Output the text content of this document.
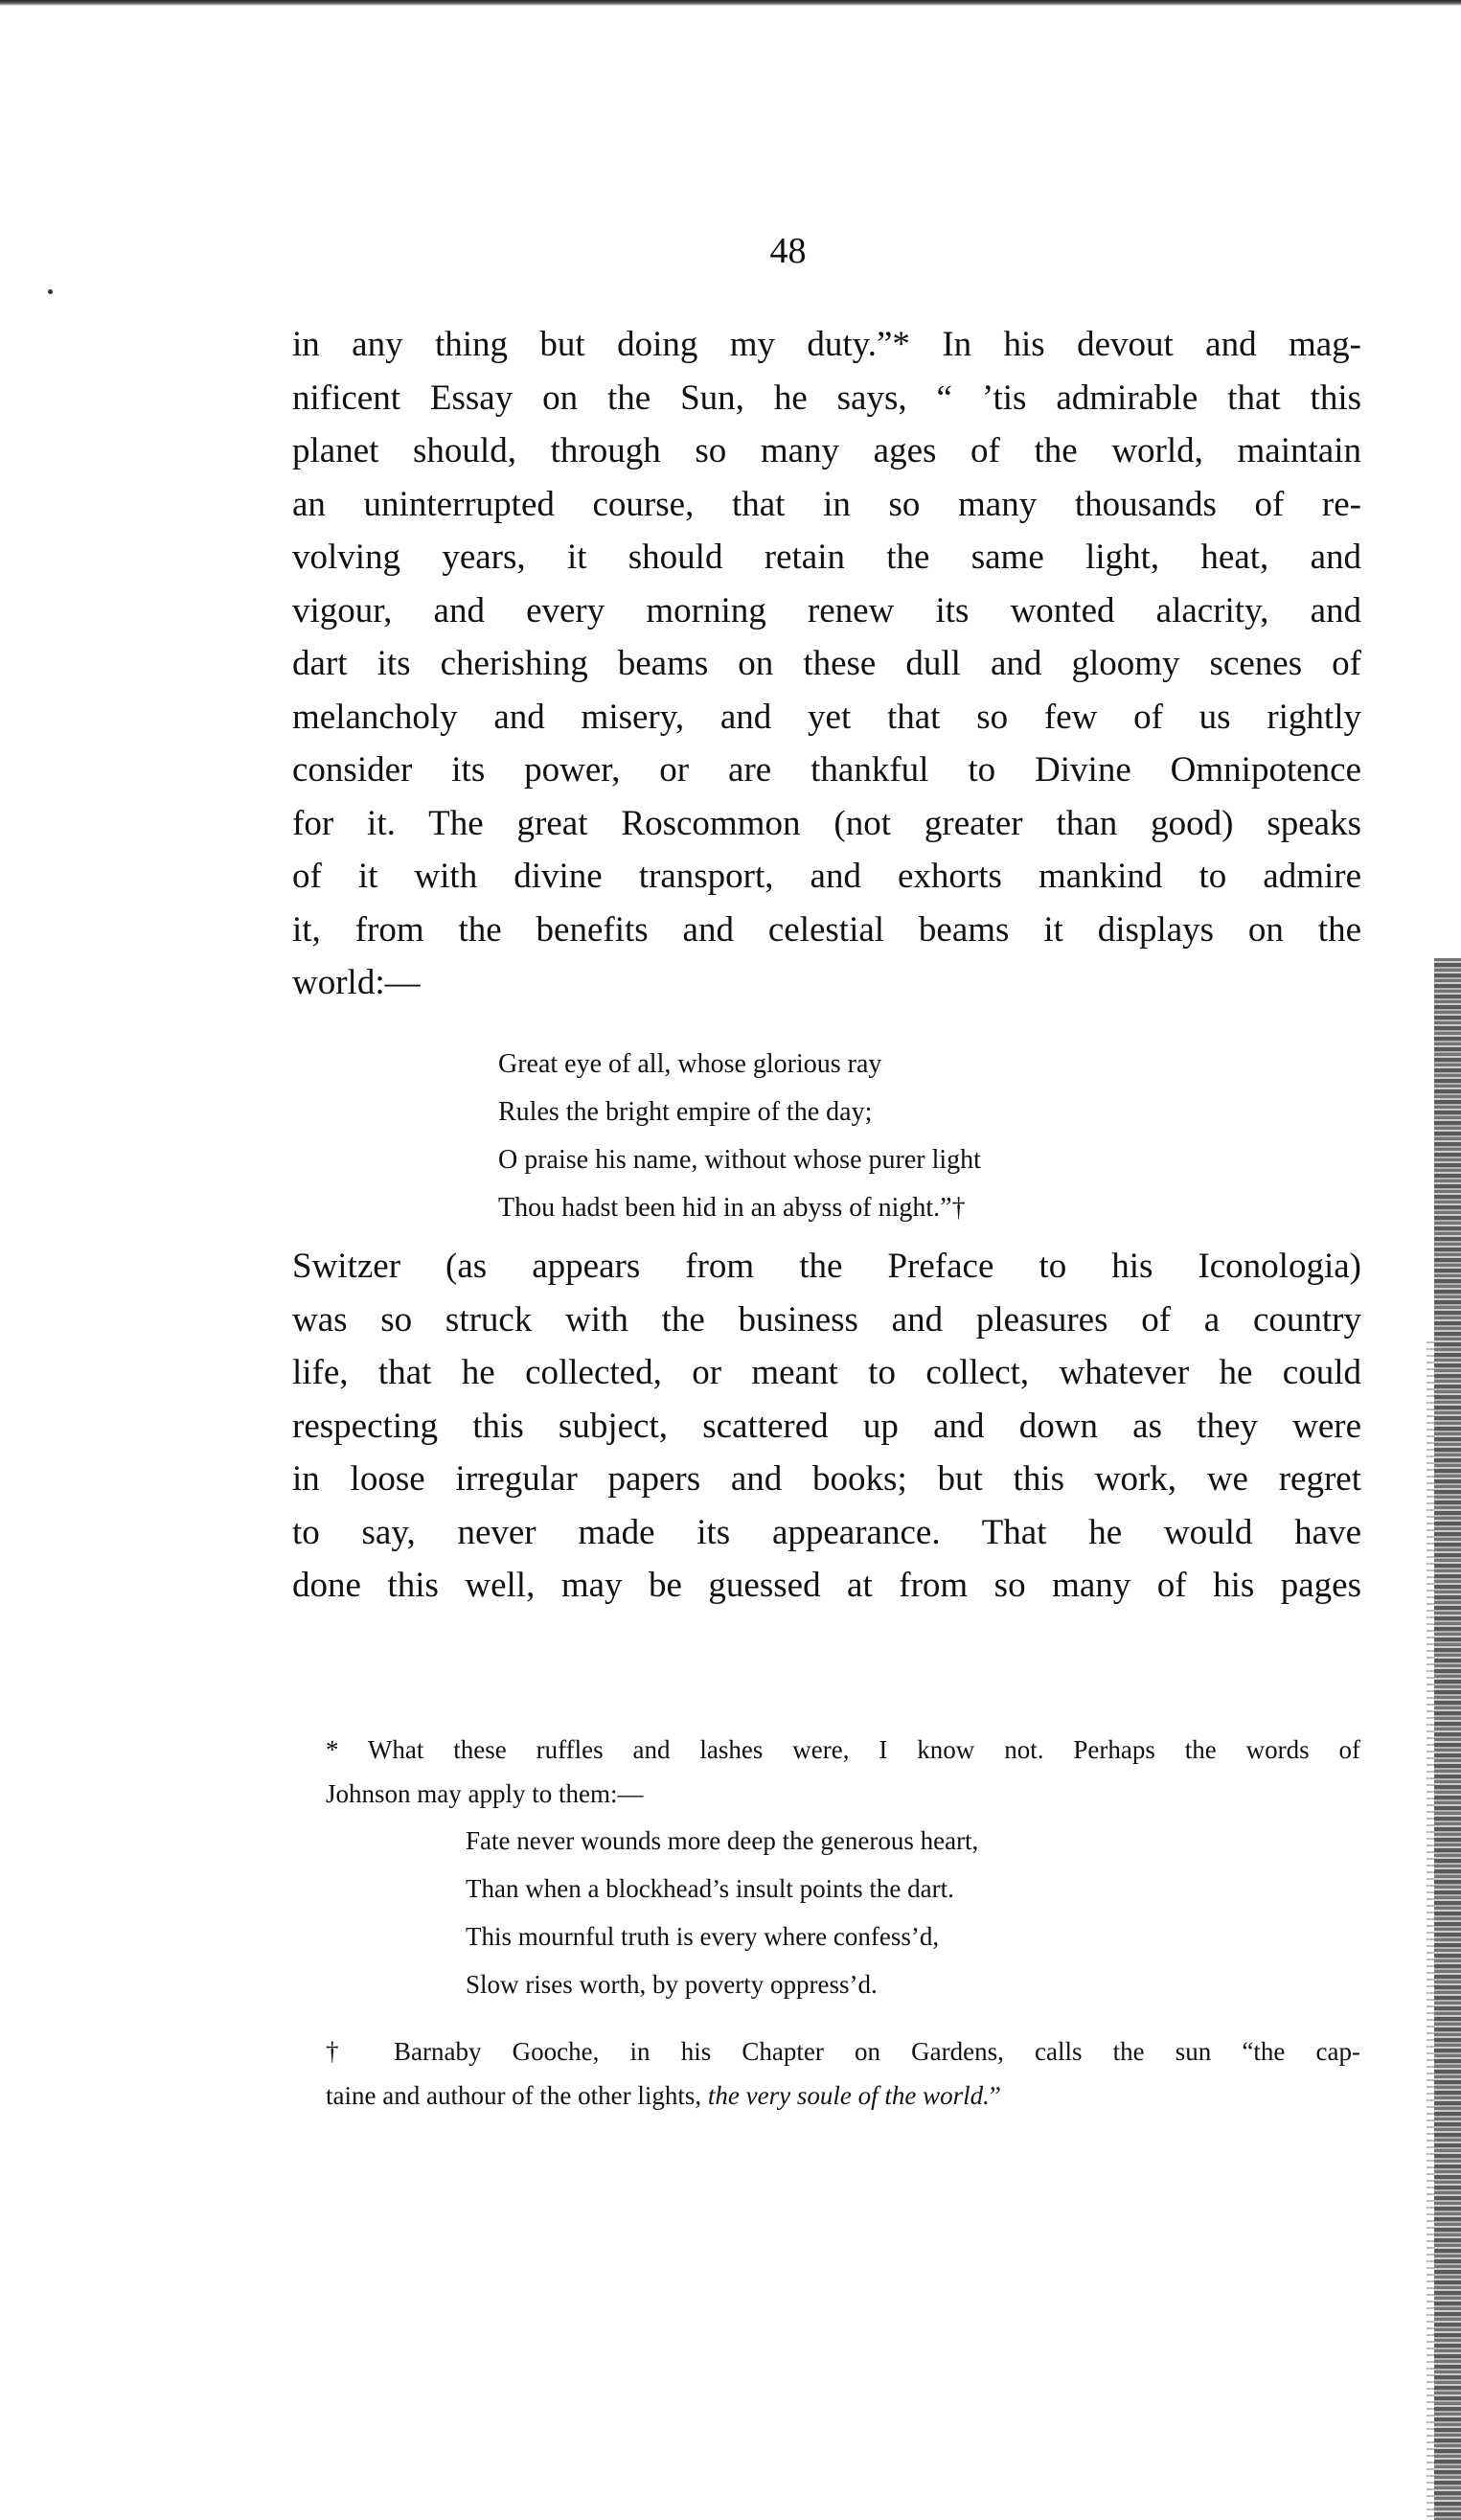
48
in any thing but doing my duty.”* In his devout and mag-
nificent Essay on the Sun, he says, “ ’tis admirable that this
planet should, through so many ages of the world, maintain
an uninterrupted course, that in so many thousands of re-
volving years, it should retain the same light, heat, and
vigour, and every morning renew its wonted alacrity, and
dart its cherishing beams on these dull and gloomy scenes of
melancholy and misery, and yet that so few of us rightly
consider its power, or are thankful to Divine Omnipotence
for it. The great Roscommon (not greater than good) speaks
of it with divine transport, and exhorts mankind to admire
it, from the benefits and celestial beams it displays on the
world:—
Great eye of all, whose glorious ray
Rules the bright empire of the day;
O praise his name, without whose purer light
Thou hadst been hid in an abyss of night.”†
Switzer (as appears from the Preface to his Iconologia)
was so struck with the business and pleasures of a country
life, that he collected, or meant to collect, whatever he could
respecting this subject, scattered up and down as they were
in loose irregular papers and books; but this work, we regret
to say, never made its appearance. That he would have
done this well, may be guessed at from so many of his pages
* What these ruffles and lashes were, I know not. Perhaps the words of
Johnson may apply to them:—
Fate never wounds more deep the generous heart,
Than when a blockhead’s insult points the dart.
This mournful truth is every where confess’d,
Slow rises worth, by poverty oppress’d.
† Barnaby Gooche, in his Chapter on Gardens, calls the sun “the cap-
taine and authour of the other lights, the very soule of the world.”
